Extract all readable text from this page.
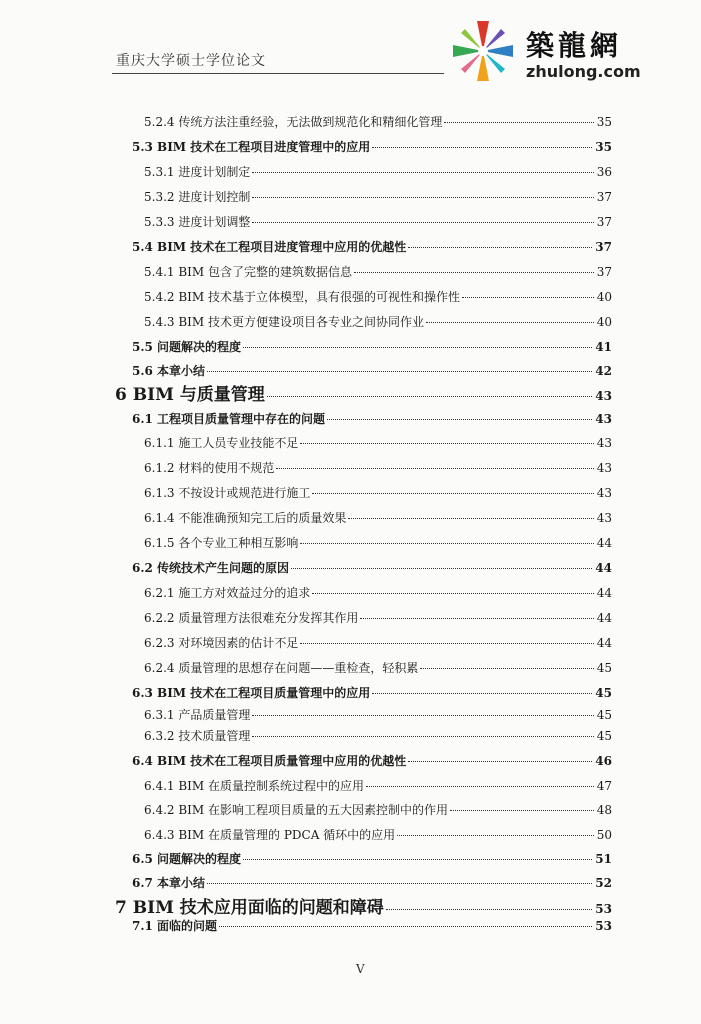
重庆大学硕士学位论文	築龍網
zhulong.com
5.2.4 传统方法注重经验，无法做到规范化和精细化管理	35
5.3 BIM 技术在工程项目进度管理中的应用	35
5.3.1 进度计划制定	36
5.3.2 进度计划控制	37
5.3.3 进度计划调整	37
5.4 BIM 技术在工程项目进度管理中应用的优越性	37
5.4.1 BIM 包含了完整的建筑数据信息	37
5.4.2 BIM 技术基于立体模型，具有很强的可视性和操作性	40
5.4.3 BIM 技术更方便建设项目各专业之间协同作业	40
5.5 问题解决的程度	41
5.6 本章小结	42
6 BIM 与质量管理	43
6.1 工程项目质量管理中存在的问题	43
6.1.1 施工人员专业技能不足	43
6.1.2 材料的使用不规范	43
6.1.3 不按设计或规范进行施工	43
6.1.4 不能准确预知完工后的质量效果	43
6.1.5 各个专业工种相互影响	44
6.2 传统技术产生问题的原因	44
6.2.1 施工方对效益过分的追求	44
6.2.2 质量管理方法很难充分发挥其作用	44
6.2.3 对环境因素的估计不足	44
6.2.4 质量管理的思想存在问题——重检查，轻积累	45
6.3 BIM 技术在工程项目质量管理中的应用	45
6.3.1 产品质量管理	45
6.3.2 技术质量管理	45
6.4 BIM 技术在工程项目质量管理中应用的优越性	46
6.4.1 BIM 在质量控制系统过程中的应用	47
6.4.2 BIM 在影响工程项目质量的五大因素控制中的作用	48
6.4.3 BIM 在质量管理的 PDCA 循环中的应用	50
6.5 问题解决的程度	51
6.7 本章小结	52
7 BIM 技术应用面临的问题和障碍	53
7.1 面临的问题	53
V
